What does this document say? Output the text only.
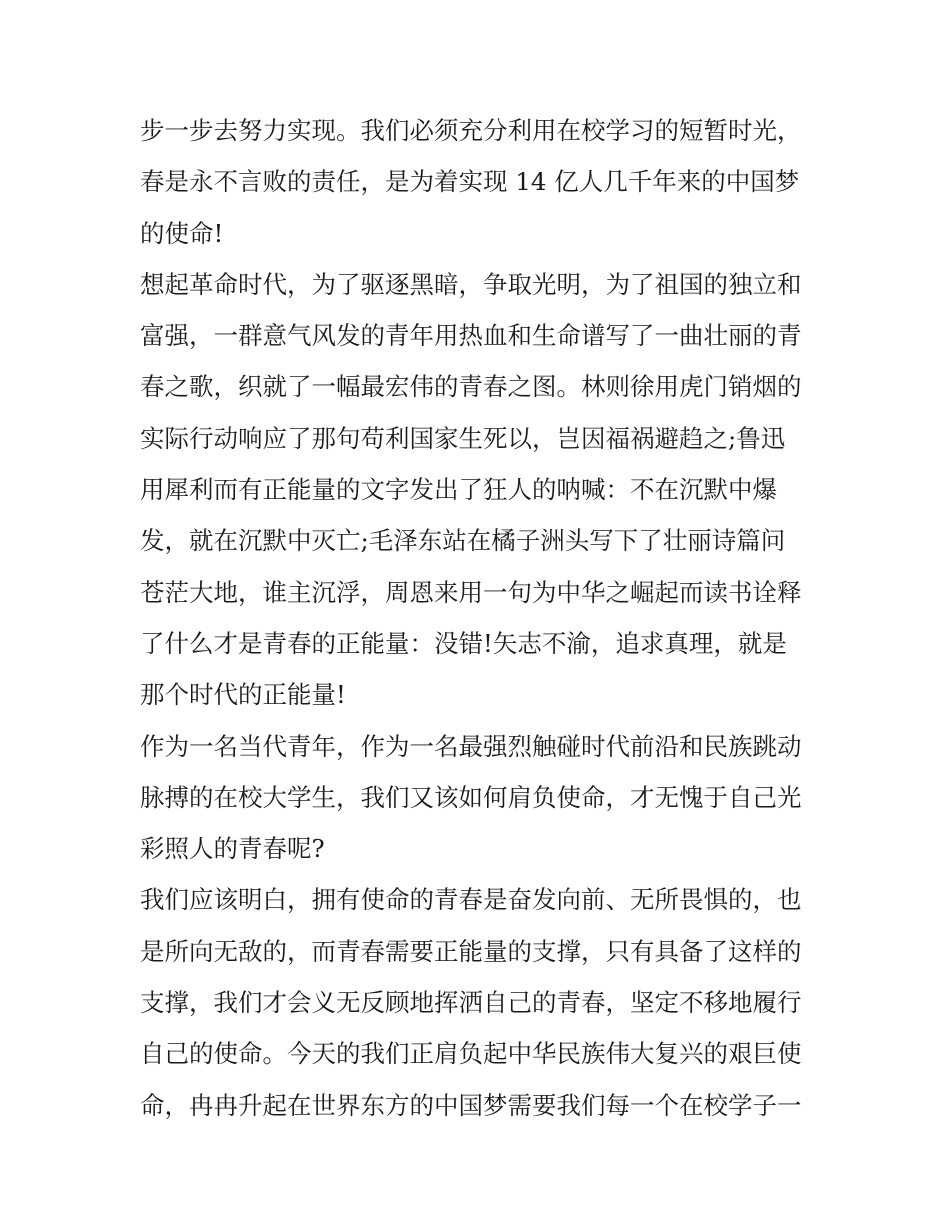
步一步去努力实现。我们必须充分利用在校学习的短暂时光，
春是永不言败的责任，是为着实现 14 亿人几千年来的中国梦
的使命!
想起革命时代，为了驱逐黑暗，争取光明，为了祖国的独立和
富强，一群意气风发的青年用热血和生命谱写了一曲壮丽的青
春之歌，织就了一幅最宏伟的青春之图。林则徐用虎门销烟的
实际行动响应了那句苟利国家生死以，岂因福祸避趋之;鲁迅
用犀利而有正能量的文字发出了狂人的呐喊：不在沉默中爆
发，就在沉默中灭亡;毛泽东站在橘子洲头写下了壮丽诗篇问
苍茫大地，谁主沉浮，周恩来用一句为中华之崛起而读书诠释
了什么才是青春的正能量：没错!矢志不渝，追求真理，就是
那个时代的正能量!
作为一名当代青年，作为一名最强烈触碰时代前沿和民族跳动
脉搏的在校大学生，我们又该如何肩负使命，才无愧于自己光
彩照人的青春呢?
我们应该明白，拥有使命的青春是奋发向前、无所畏惧的，也
是所向无敌的，而青春需要正能量的支撑，只有具备了这样的
支撑，我们才会义无反顾地挥洒自己的青春，坚定不移地履行
自己的使命。今天的我们正肩负起中华民族伟大复兴的艰巨使
命，冉冉升起在世界东方的中国梦需要我们每一个在校学子一
